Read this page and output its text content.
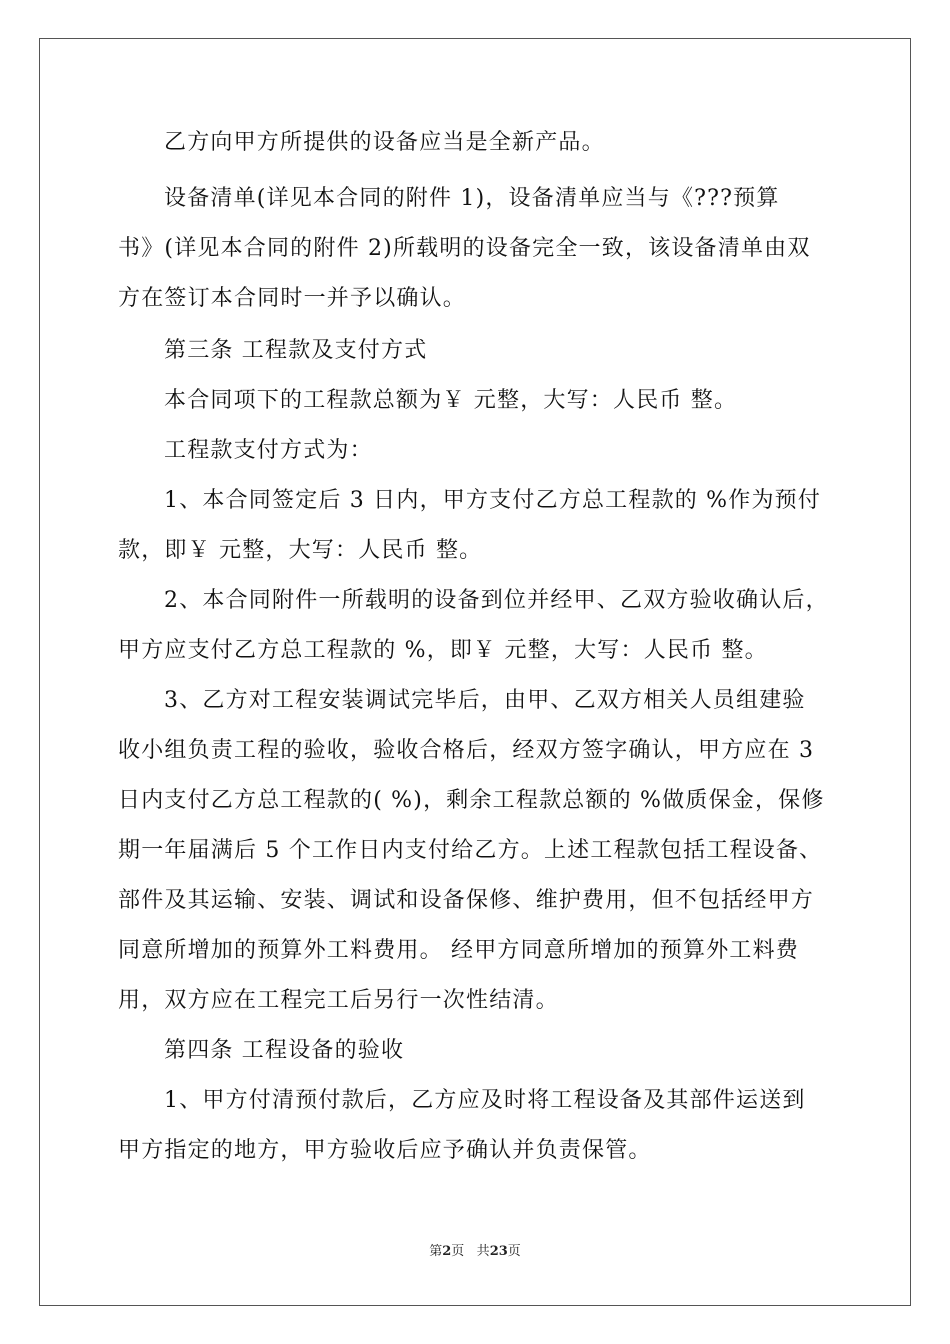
乙方向甲方所提供的设备应当是全新产品。
设备清单(详见本合同的附件 1)，设备清单应当与《???预算
书》(详见本合同的附件 2)所载明的设备完全一致，该设备清单由双
方在签订本合同时一并予以确认。
第三条 工程款及支付方式
本合同项下的工程款总额为￥ 元整，大写：人民币 整。
工程款支付方式为：
1、本合同签定后 3 日内，甲方支付乙方总工程款的 %作为预付
款，即￥ 元整，大写：人民币 整。
2、本合同附件一所载明的设备到位并经甲、乙双方验收确认后，
甲方应支付乙方总工程款的 %，即￥ 元整，大写：人民币 整。
3、乙方对工程安装调试完毕后，由甲、乙双方相关人员组建验
收小组负责工程的验收，验收合格后，经双方签字确认，甲方应在 3
日内支付乙方总工程款的( %)，剩余工程款总额的 %做质保金，保修
期一年届满后 5 个工作日内支付给乙方。上述工程款包括工程设备、
部件及其运输、安装、调试和设备保修、维护费用，但不包括经甲方
同意所增加的预算外工料费用。 经甲方同意所增加的预算外工料费
用，双方应在工程完工后另行一次性结清。
第四条 工程设备的验收
1、甲方付清预付款后，乙方应及时将工程设备及其部件运送到
甲方指定的地方，甲方验收后应予确认并负责保管。
第2页 共23页
